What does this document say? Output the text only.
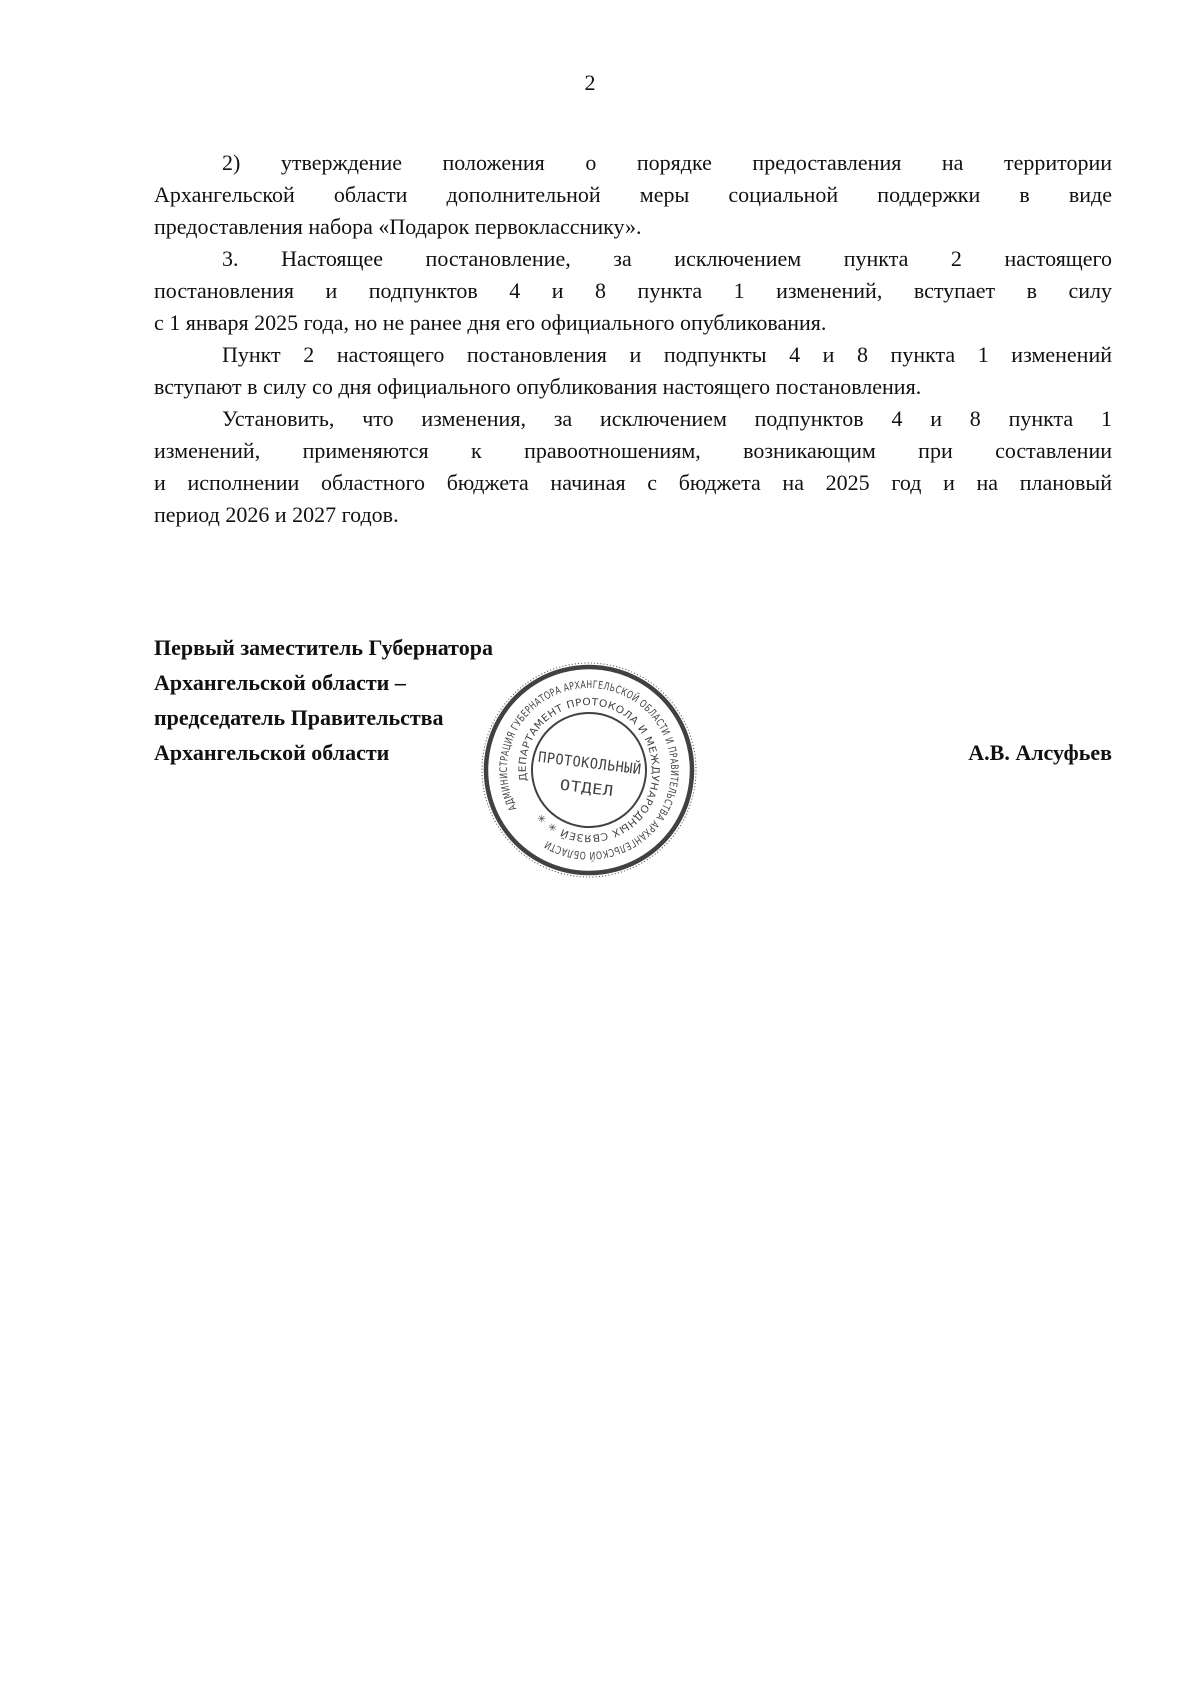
2
2) утверждение положения о порядке предоставления на территории
Архангельской области дополнительной меры социальной поддержки в виде
предоставления набора «Подарок первокласснику».
3. Настоящее постановление, за исключением пункта 2 настоящего
постановления и подпунктов 4 и 8 пункта 1 изменений, вступает в силу
с 1 января 2025 года, но не ранее дня его официального опубликования.
Пункт 2 настоящего постановления и подпункты 4 и 8 пункта 1 изменений
вступают в силу со дня официального опубликования настоящего постановления.
Установить, что изменения, за исключением подпунктов 4 и 8 пункта 1
изменений, применяются к правоотношениям, возникающим при составлении
и исполнении областного бюджета начиная с бюджета на 2025 год и на плановый
период 2026 и 2027 годов.
Первый заместитель Губернатора
Архангельской области –
председатель Правительства
Архангельской области	А.В. Алсуфьев
АДМИНИСТРАЦИЯ ГУБЕРНАТОРА АРХАНГЕЛЬСКОЙ ОБЛАСТИ И ПРАВИТЕЛЬСТВА АРХАНГЕЛЬСКОЙ ОБЛАСТИ
ДЕПАРТАМЕНТ ПРОТОКОЛА И МЕЖДУНАРОДНЫХ СВЯЗЕЙ ✳ ✳
ПРОТОКОЛЬНЫЙ
ОТДЕЛ
